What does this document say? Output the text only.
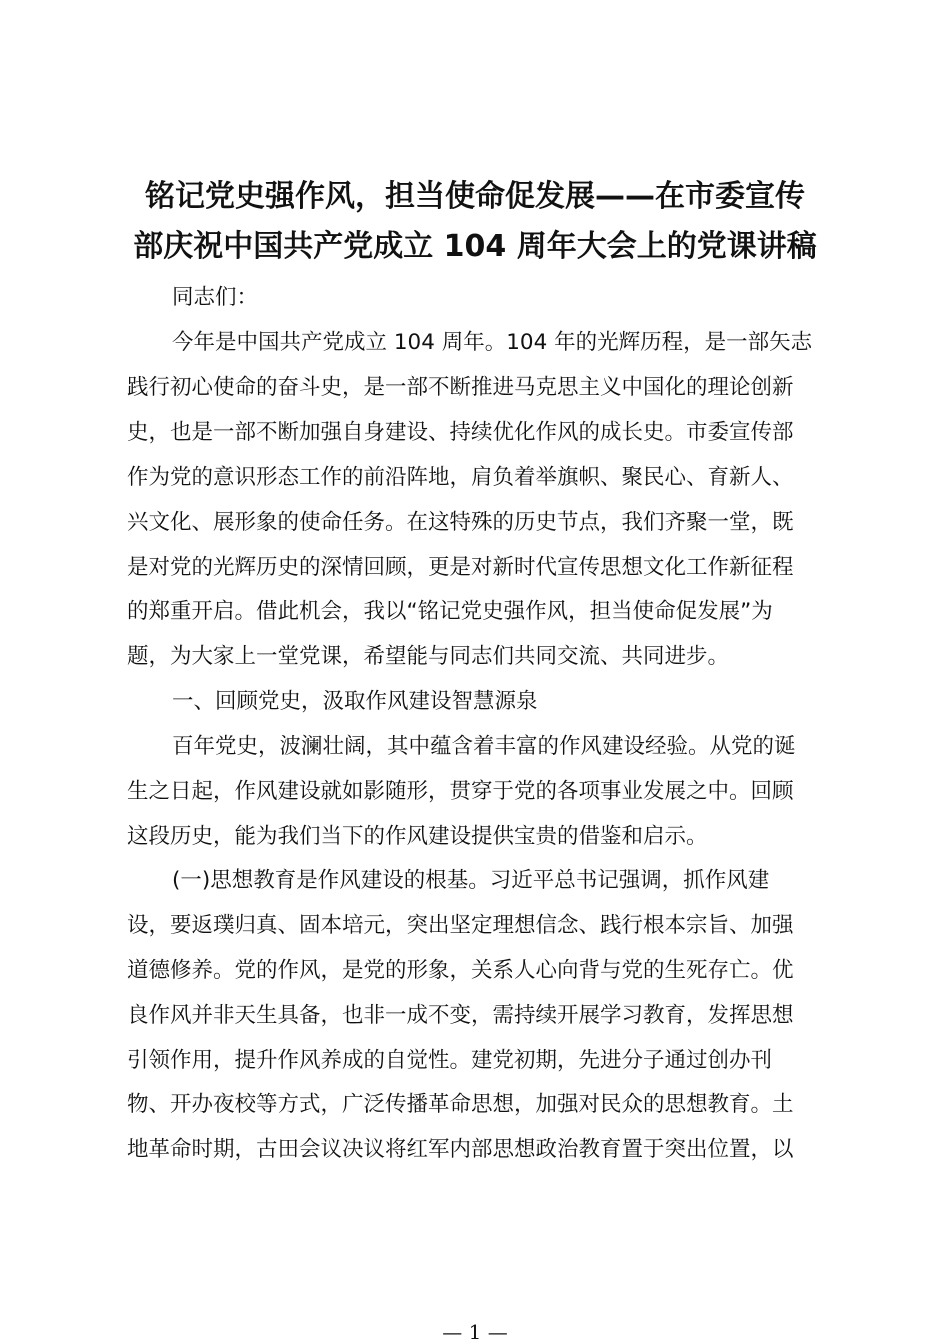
铭记党史强作风，担当使命促发展——在市委宣传
部庆祝中国共产党成立 104 周年大会上的党课讲稿
同志们：
今年是中国共产党成立 104 周年。104 年的光辉历程，是一部矢志
践行初心使命的奋斗史，是一部不断推进马克思主义中国化的理论创新
史，也是一部不断加强自身建设、持续优化作风的成长史。市委宣传部
作为党的意识形态工作的前沿阵地，肩负着举旗帜、聚民心、育新人、
兴文化、展形象的使命任务。在这特殊的历史节点，我们齐聚一堂，既
是对党的光辉历史的深情回顾，更是对新时代宣传思想文化工作新征程
的郑重开启。借此机会，我以“铭记党史强作风，担当使命促发展”为
题，为大家上一堂党课，希望能与同志们共同交流、共同进步。
一、回顾党史，汲取作风建设智慧源泉
百年党史，波澜壮阔，其中蕴含着丰富的作风建设经验。从党的诞
生之日起，作风建设就如影随形，贯穿于党的各项事业发展之中。回顾
这段历史，能为我们当下的作风建设提供宝贵的借鉴和启示。
(一)思想教育是作风建设的根基。习近平总书记强调，抓作风建
设，要返璞归真、固本培元，突出坚定理想信念、践行根本宗旨、加强
道德修养。党的作风，是党的形象，关系人心向背与党的生死存亡。优
良作风并非天生具备，也非一成不变，需持续开展学习教育，发挥思想
引领作用，提升作风养成的自觉性。建党初期，先进分子通过创办刊
物、开办夜校等方式，广泛传播革命思想，加强对民众的思想教育。土
地革命时期，古田会议决议将红军内部思想政治教育置于突出位置，以
— 1 —
